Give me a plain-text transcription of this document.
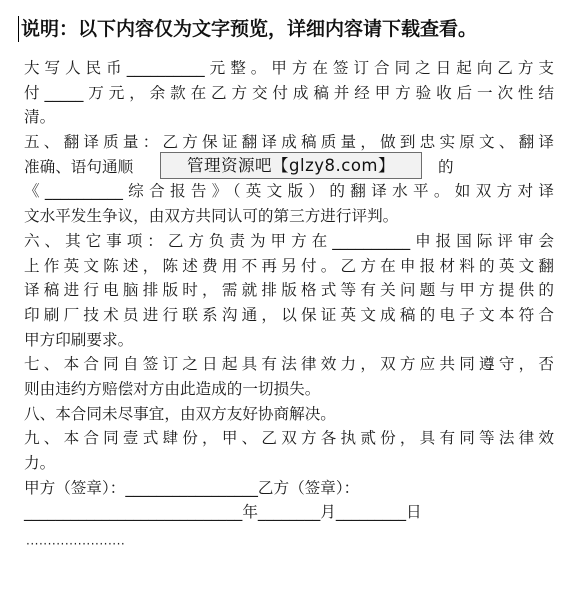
说明：以下内容仅为文字预览，详细内容请下载查看。
大写人民币__________元整。甲方在签订合同之日起向乙方支
付_____万元，余款在乙方交付成稿并经甲方验收后一次性结
清。
五、翻译质量：乙方保证翻译成稿质量，做到忠实原文、翻译
准确、语句通顺	的
《__________综合报告》（英文版）的翻译水平。如双方对译
文水平发生争议，由双方共同认可的第三方进行评判。
六、其它事项：乙方负责为甲方在__________申报国际评审会
上作英文陈述，陈述费用不再另付。乙方在申报材料的英文翻
译稿进行电脑排版时，需就排版格式等有关问题与甲方提供的
印刷厂技术员进行联系沟通，以保证英文成稿的电子文本符合
甲方印刷要求。
七、本合同自签订之日起具有法律效力，双方应共同遵守，否
则由违约方赔偿对方由此造成的一切损失。
八、本合同未尽事宜，由双方友好协商解决。
九、本合同壹式肆份，甲、乙双方各执贰份，具有同等法律效
力。
甲方（签章）：_________________乙方（签章）：
____________________________年________月_________日
管理资源吧【glzy8.com】
·······················
